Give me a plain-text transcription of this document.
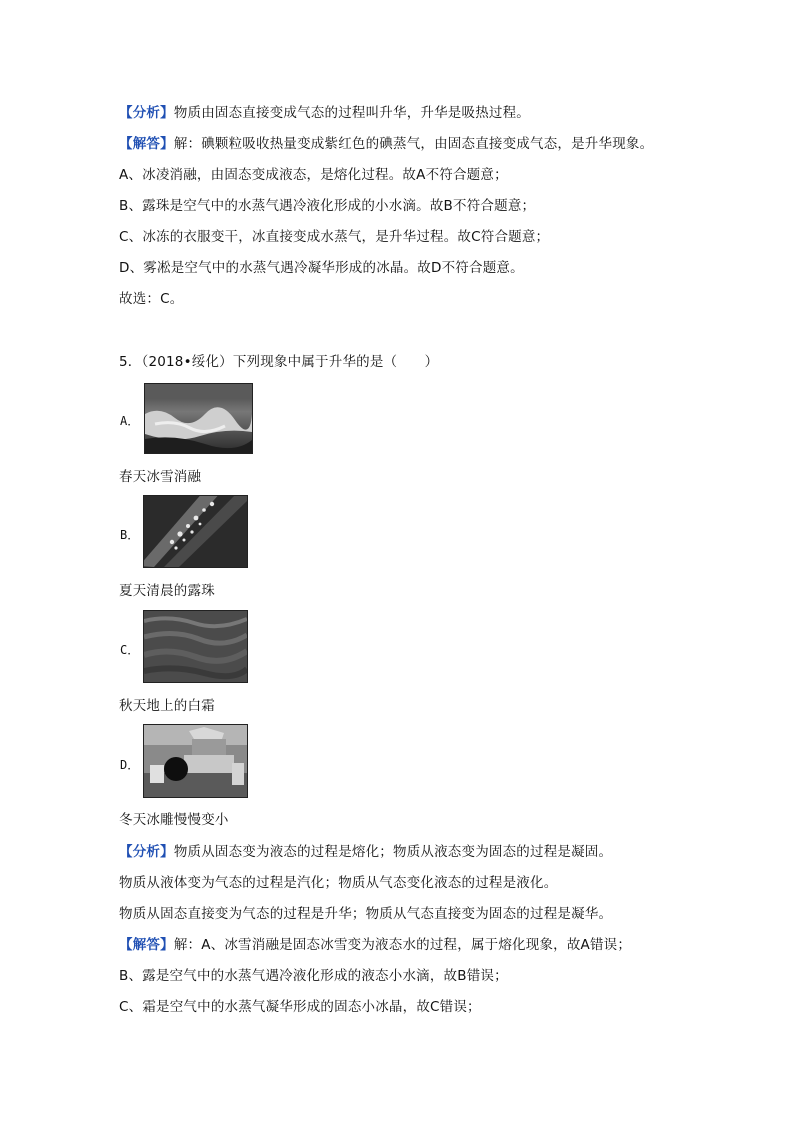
【分析】物质由固态直接变成气态的过程叫升华，升华是吸热过程。
【解答】解：碘颗粒吸收热量变成紫红色的碘蒸气，由固态直接变成气态，是升华现象。
A、冰凌消融，由固态变成液态，是熔化过程。故A不符合题意；
B、露珠是空气中的水蒸气遇冷液化形成的小水滴。故B不符合题意；
C、冰冻的衣服变干，冰直接变成水蒸气，是升华过程。故C符合题意；
D、雾凇是空气中的水蒸气遇冷凝华形成的冰晶。故D不符合题意。
故选：C。
5．（2018•绥化）下列现象中属于升华的是（　　）
A．
春天冰雪消融
B．
夏天清晨的露珠
C．
秋天地上的白霜
D．
冬天冰雕慢慢变小
【分析】物质从固态变为液态的过程是熔化；物质从液态变为固态的过程是凝固。
物质从液体变为气态的过程是汽化；物质从气态变化液态的过程是液化。
物质从固态直接变为气态的过程是升华；物质从气态直接变为固态的过程是凝华。
【解答】解：A、冰雪消融是固态冰雪变为液态水的过程，属于熔化现象，故A错误；
B、露是空气中的水蒸气遇冷液化形成的液态小水滴，故B错误；
C、霜是空气中的水蒸气凝华形成的固态小冰晶，故C错误；
